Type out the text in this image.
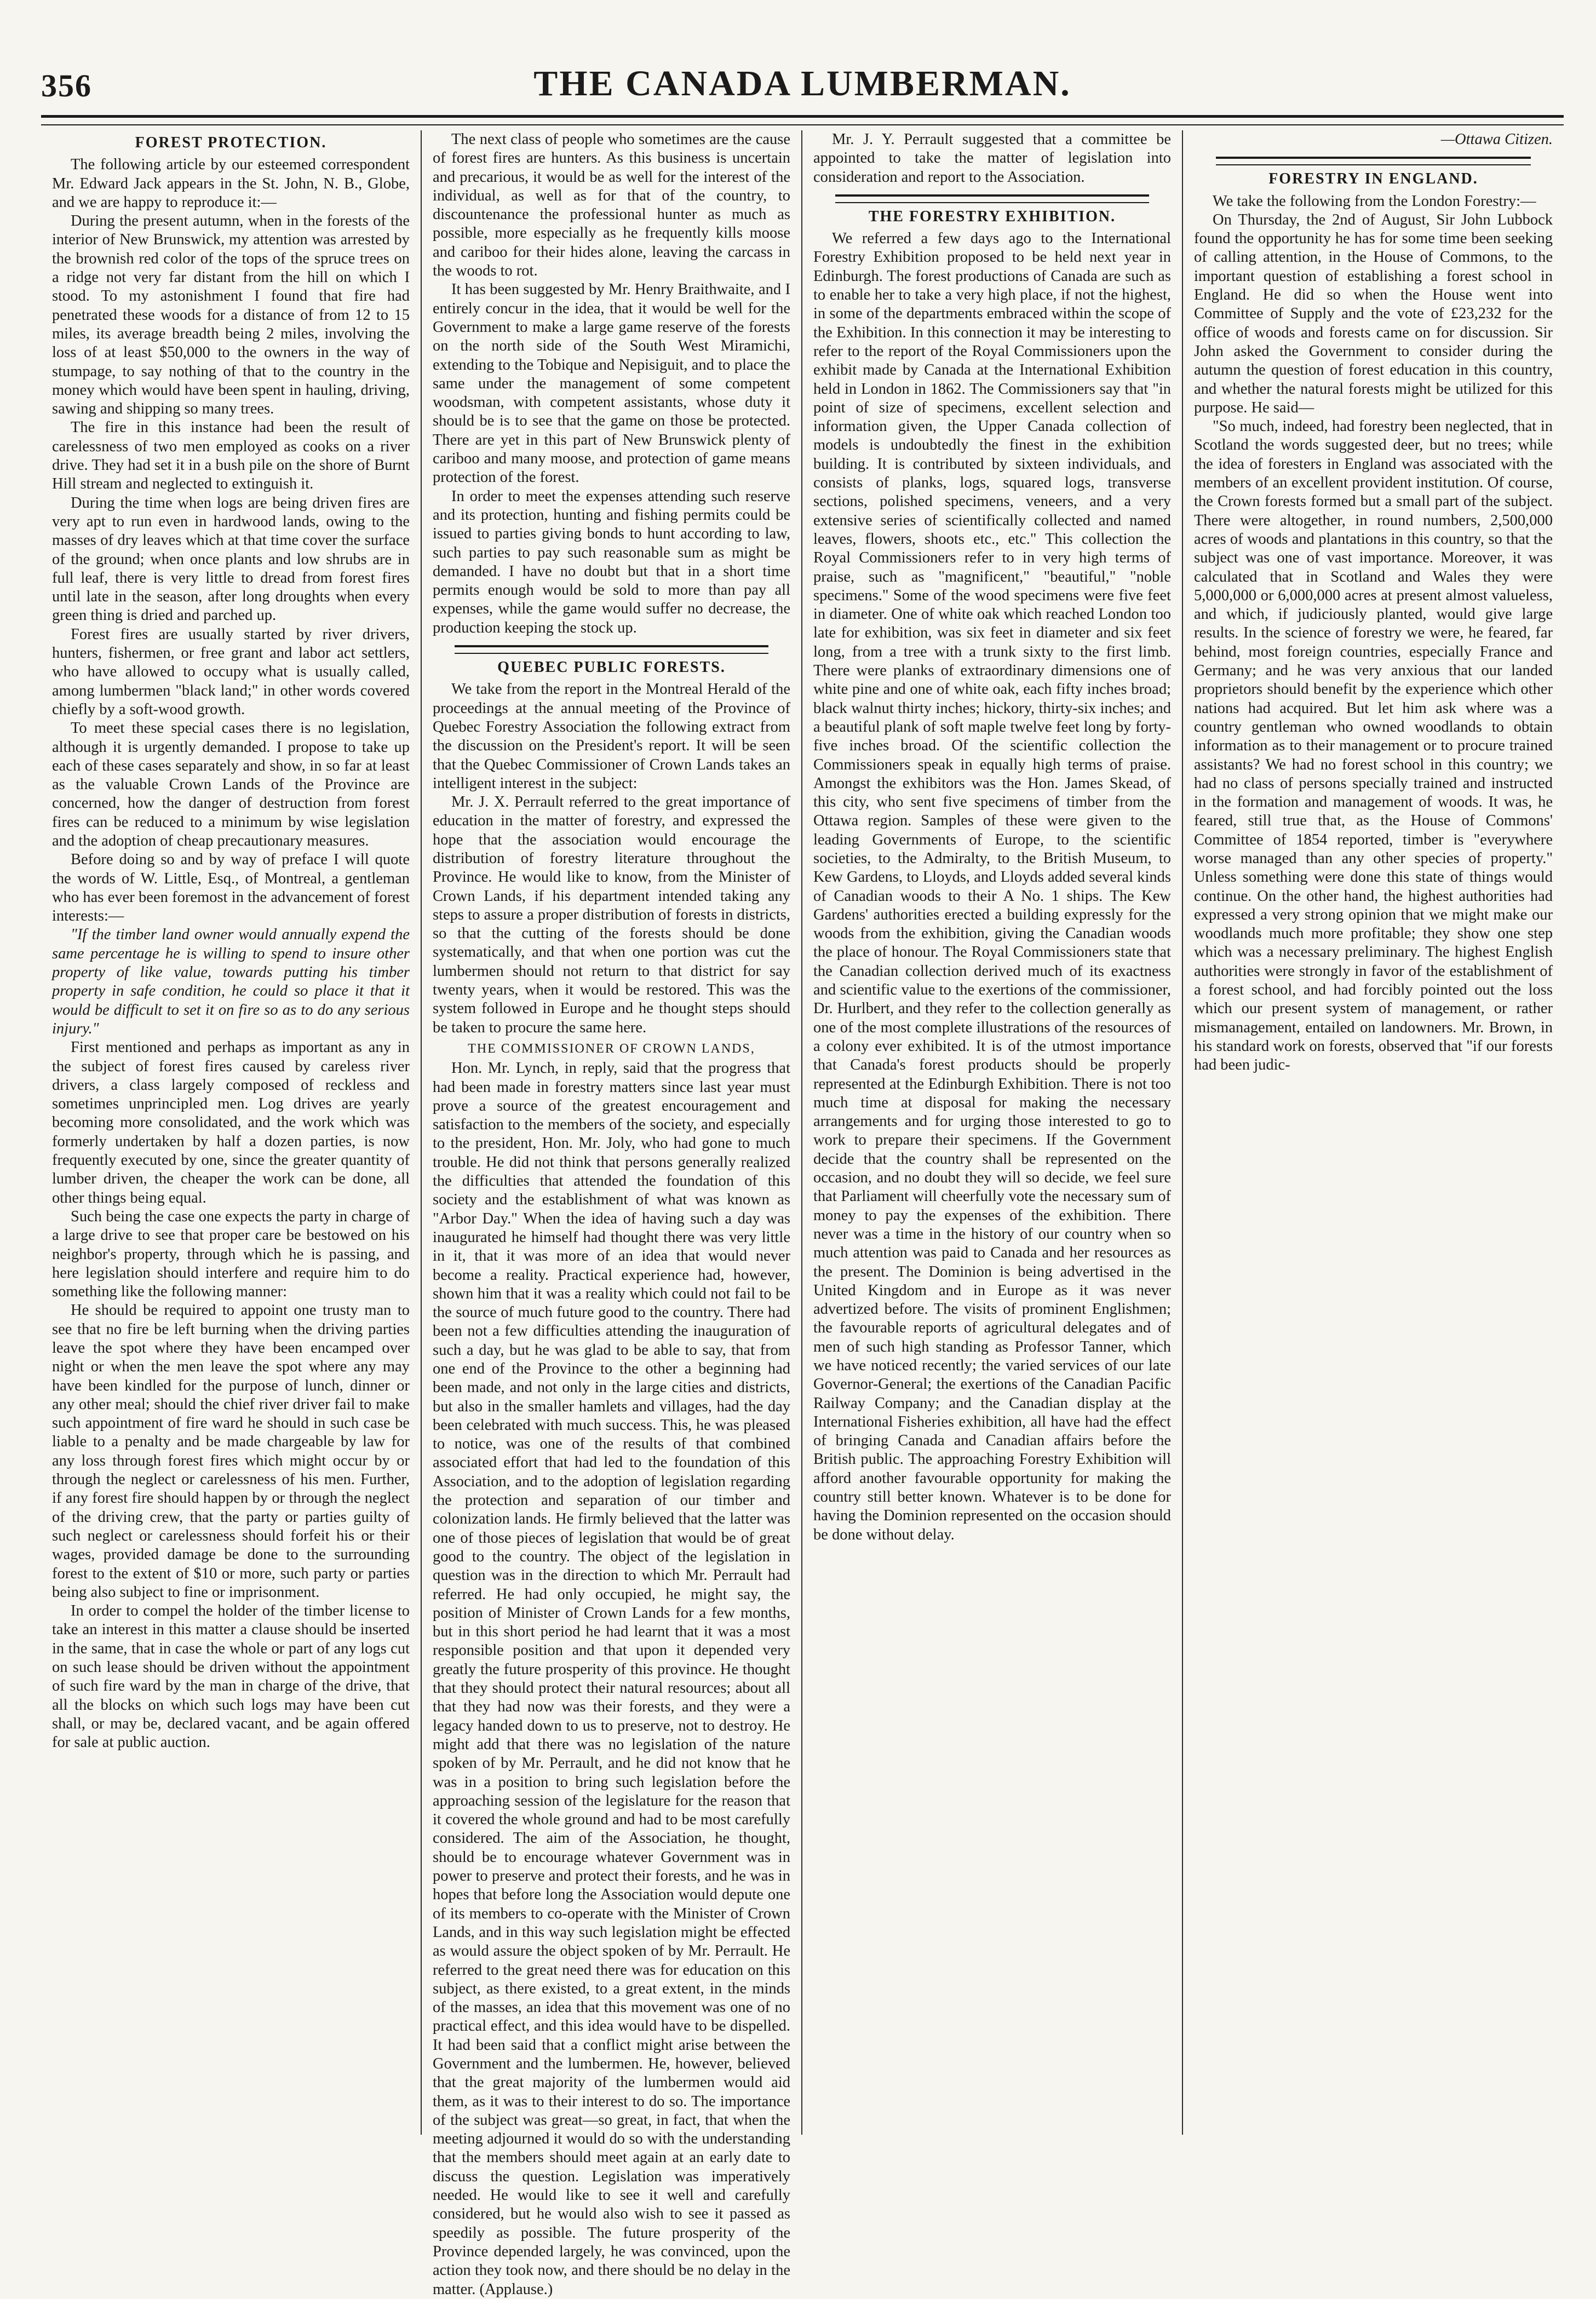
356	THE CANADA LUMBERMAN.
FOREST PROTECTION.

The following article by our esteemed correspondent Mr. Edward Jack appears in the St. John, N. B., Globe, and we are happy to reproduce it:—

During the present autumn, when in the forests of the interior of New Brunswick, my attention was arrested by the brownish red color of the tops of the spruce trees on a ridge not very far distant from the hill on which I stood. To my astonishment I found that fire had penetrated these woods for a distance of from 12 to 15 miles, its average breadth being 2 miles, involving the loss of at least $50,000 to the owners in the way of stumpage, to say nothing of that to the country in the money which would have been spent in hauling, driving, sawing and shipping so many trees.

The fire in this instance had been the result of carelessness of two men employed as cooks on a river drive. They had set it in a bush pile on the shore of Burnt Hill stream and neglected to extinguish it.

During the time when logs are being driven fires are very apt to run even in hardwood lands, owing to the masses of dry leaves which at that time cover the surface of the ground; when once plants and low shrubs are in full leaf, there is very little to dread from forest fires until late in the season, after long droughts when every green thing is dried and parched up.

Forest fires are usually started by river drivers, hunters, fishermen, or free grant and labor act settlers, who have allowed to occupy what is usually called, among lumbermen "black land;" in other words covered chiefly by a soft-wood growth.

To meet these special cases there is no legislation, although it is urgently demanded. I propose to take up each of these cases separately and show, in so far at least as the valuable Crown Lands of the Province are concerned, how the danger of destruction from forest fires can be reduced to a minimum by wise legislation and the adoption of cheap precautionary measures.

Before doing so and by way of preface I will quote the words of W. Little, Esq., of Montreal, a gentleman who has ever been foremost in the advancement of forest interests:—

"If the timber land owner would annually expend the same percentage he is willing to spend to insure other property of like value, towards putting his timber property in safe condition, he could so place it that it would be difficult to set it on fire so as to do any serious injury."

First mentioned and perhaps as important as any in the subject of forest fires caused by careless river drivers, a class largely composed of reckless and sometimes unprincipled men. Log drives are yearly becoming more consolidated, and the work which was formerly undertaken by half a dozen parties, is now frequently executed by one, since the greater quantity of lumber driven, the cheaper the work can be done, all other things being equal.

Such being the case one expects the party in charge of a large drive to see that proper care be bestowed on his neighbor's property, through which he is passing, and here legislation should interfere and require him to do something like the following manner:

He should be required to appoint one trusty man to see that no fire be left burning when the driving parties leave the spot where they have been encamped over night or when the men leave the spot where any may have been kindled for the purpose of lunch, dinner or any other meal; should the chief river driver fail to make such appointment of fire ward he should in such case be liable to a penalty and be made chargeable by law for any loss through forest fires which might occur by or through the neglect or carelessness of his men. Further, if any forest fire should happen by or through the neglect of the driving crew, that the party or parties guilty of such neglect or carelessness should forfeit his or their wages, provided damage be done to the surrounding forest to the extent of $10 or more, such party or parties being also subject to fine or imprisonment.

In order to compel the holder of the timber license to take an interest in this matter a clause should be inserted in the same, that in case the whole or part of any logs cut on such lease should be driven without the appointment of such fire ward by the man in charge of the drive, that all the blocks on which such logs may have been cut shall, or may be, declared vacant, and be again offered for sale at public auction.

The next class of people who sometimes are the cause of forest fires are hunters. As this business is uncertain and precarious, it would be as well for the interest of the individual, as well as for that of the country, to discountenance the professional hunter as much as possible, more especially as he frequently kills moose and cariboo for their hides alone, leaving the carcass in the woods to rot.

It has been suggested by Mr. Henry Braithwaite, and I entirely concur in the idea, that it would be well for the Government to make a large game reserve of the forests on the north side of the South West Miramichi, extending to the Tobique and Nepisiguit, and to place the same under the management of some competent woodsman, with competent assistants, whose duty it should be is to see that the game on those be protected. There are yet in this part of New Brunswick plenty of cariboo and many moose, and protection of game means protection of the forest.

In order to meet the expenses attending such reserve and its protection, hunting and fishing permits could be issued to parties giving bonds to hunt according to law, such parties to pay such reasonable sum as might be demanded. I have no doubt but that in a short time permits enough would be sold to more than pay all expenses, while the game would suffer no decrease, the production keeping the stock up.

QUEBEC PUBLIC FORESTS.

We take from the report in the Montreal Herald of the proceedings at the annual meeting of the Province of Quebec Forestry Association the following extract from the discussion on the President's report. It will be seen that the Quebec Commissioner of Crown Lands takes an intelligent interest in the subject:

Mr. J. X. Perrault referred to the great importance of education in the matter of forestry, and expressed the hope that the association would encourage the distribution of forestry literature throughout the Province. He would like to know, from the Minister of Crown Lands, if his department intended taking any steps to assure a proper distribution of forests in districts, so that the cutting of the forests should be done systematically, and that when one portion was cut the lumbermen should not return to that district for say twenty years, when it would be restored. This was the system followed in Europe and he thought steps should be taken to procure the same here.

THE COMMISSIONER OF CROWN LANDS,

Hon. Mr. Lynch, in reply, said that the progress that had been made in forestry matters since last year must prove a source of the greatest encouragement and satisfaction to the members of the society, and especially to the president, Hon. Mr. Joly, who had gone to much trouble. He did not think that persons generally realized the difficulties that attended the foundation of this society and the establishment of what was known as "Arbor Day." When the idea of having such a day was inaugurated he himself had thought there was very little in it, that it was more of an idea that would never become a reality. Practical experience had, however, shown him that it was a reality which could not fail to be the source of much future good to the country. There had been not a few difficulties attending the inauguration of such a day, but he was glad to be able to say, that from one end of the Province to the other a beginning had been made, and not only in the large cities and districts, but also in the smaller hamlets and villages, had the day been celebrated with much success. This, he was pleased to notice, was one of the results of that combined associated effort that had led to the foundation of this Association, and to the adoption of legislation regarding the protection and separation of our timber and colonization lands. He firmly believed that the latter was one of those pieces of legislation that would be of great good to the country. The object of the legislation in question was in the direction to which Mr. Perrault had referred. He had only occupied, he might say, the position of Minister of Crown Lands for a few months, but in this short period he had learnt that it was a most responsible position and that upon it depended very greatly the future prosperity of this province. He thought that they should protect their natural resources; about all that they had now was their forests, and they were a legacy handed down to us to preserve, not to destroy. He might add that there was no legislation of the nature spoken of by Mr. Perrault, and he did not know that he was in a position to bring such legislation before the approaching session of the legislature for the reason that it covered the whole ground and had to be most carefully considered. The aim of the Association, he thought, should be to encourage whatever Government was in power to preserve and protect their forests, and he was in hopes that before long the Association would depute one of its members to co-operate with the Minister of Crown Lands, and in this way such legislation might be effected as would assure the object spoken of by Mr. Perrault. He referred to the great need there was for education on this subject, as there existed, to a great extent, in the minds of the masses, an idea that this movement was one of no practical effect, and this idea would have to be dispelled. It had been said that a conflict might arise between the Government and the lumbermen. He, however, believed that the great majority of the lumbermen would aid them, as it was to their interest to do so. The importance of the subject was great—so great, in fact, that when the meeting adjourned it would do so with the understanding that the members should meet again at an early date to discuss the question. Legislation was imperatively needed. He would like to see it well and carefully considered, but he would also wish to see it passed as speedily as possible. The future prosperity of the Province depended largely, he was convinced, upon the action they took now, and there should be no delay in the matter. (Applause.)

Mr. J. Y. Perrault suggested that a committee be appointed to take the matter of legislation into consideration and report to the Association.

THE FORESTRY EXHIBITION.

We referred a few days ago to the International Forestry Exhibition proposed to be held next year in Edinburgh. The forest productions of Canada are such as to enable her to take a very high place, if not the highest, in some of the departments embraced within the scope of the Exhibition. In this connection it may be interesting to refer to the report of the Royal Commissioners upon the exhibit made by Canada at the International Exhibition held in London in 1862. The Commissioners say that "in point of size of specimens, excellent selection and information given, the Upper Canada collection of models is undoubtedly the finest in the exhibition building. It is contributed by sixteen individuals, and consists of planks, logs, squared logs, transverse sections, polished specimens, veneers, and a very extensive series of scientifically collected and named leaves, flowers, shoots etc., etc." This collection the Royal Commissioners refer to in very high terms of praise, such as "magnificent," "beautiful," "noble specimens." Some of the wood specimens were five feet in diameter. One of white oak which reached London too late for exhibition, was six feet in diameter and six feet long, from a tree with a trunk sixty to the first limb. There were planks of extraordinary dimensions one of white pine and one of white oak, each fifty inches broad; black walnut thirty inches; hickory, thirty-six inches; and a beautiful plank of soft maple twelve feet long by forty-five inches broad. Of the scientific collection the Commissioners speak in equally high terms of praise. Amongst the exhibitors was the Hon. James Skead, of this city, who sent five specimens of timber from the Ottawa region. Samples of these were given to the leading Governments of Europe, to the scientific societies, to the Admiralty, to the British Museum, to Kew Gardens, to Lloyds, and Lloyds added several kinds of Canadian woods to their A No. 1 ships. The Kew Gardens' authorities erected a building expressly for the woods from the exhibition, giving the Canadian woods the place of honour. The Royal Commissioners state that the Canadian collection derived much of its exactness and scientific value to the exertions of the commissioner, Dr. Hurlbert, and they refer to the collection generally as one of the most complete illustrations of the resources of a colony ever exhibited. It is of the utmost importance that Canada's forest products should be properly represented at the Edinburgh Exhibition. There is not too much time at disposal for making the necessary arrangements and for urging those interested to go to work to prepare their specimens. If the Government decide that the country shall be represented on the occasion, and no doubt they will so decide, we feel sure that Parliament will cheerfully vote the necessary sum of money to pay the expenses of the exhibition. There never was a time in the history of our country when so much attention was paid to Canada and her resources as the present. The Dominion is being advertised in the United Kingdom and in Europe as it was never advertized before. The visits of prominent Englishmen; the favourable reports of agricultural delegates and of men of such high standing as Professor Tanner, which we have noticed recently; the varied services of our late Governor-General; the exertions of the Canadian Pacific Railway Company; and the Canadian display at the International Fisheries exhibition, all have had the effect of bringing Canada and Canadian affairs before the British public. The approaching Forestry Exhibition will afford another favourable opportunity for making the country still better known. Whatever is to be done for having the Dominion represented on the occasion should be done without delay.

—Ottawa Citizen.

FORESTRY IN ENGLAND.

We take the following from the London Forestry:—

On Thursday, the 2nd of August, Sir John Lubbock found the opportunity he has for some time been seeking of calling attention, in the House of Commons, to the important question of establishing a forest school in England. He did so when the House went into Committee of Supply and the vote of £23,232 for the office of woods and forests came on for discussion. Sir John asked the Government to consider during the autumn the question of forest education in this country, and whether the natural forests might be utilized for this purpose. He said—

"So much, indeed, had forestry been neglected, that in Scotland the words suggested deer, but no trees; while the idea of foresters in England was associated with the members of an excellent provident institution. Of course, the Crown forests formed but a small part of the subject. There were altogether, in round numbers, 2,500,000 acres of woods and plantations in this country, so that the subject was one of vast importance. Moreover, it was calculated that in Scotland and Wales they were 5,000,000 or 6,000,000 acres at present almost valueless, and which, if judiciously planted, would give large results. In the science of forestry we were, he feared, far behind, most foreign countries, especially France and Germany; and he was very anxious that our landed proprietors should benefit by the experience which other nations had acquired. But let him ask where was a country gentleman who owned woodlands to obtain information as to their management or to procure trained assistants? We had no forest school in this country; we had no class of persons specially trained and instructed in the formation and management of woods. It was, he feared, still true that, as the House of Commons' Committee of 1854 reported, timber is "everywhere worse managed than any other species of property." Unless something were done this state of things would continue. On the other hand, the highest authorities had expressed a very strong opinion that we might make our woodlands much more profitable; they show one step which was a necessary preliminary. The highest English authorities were strongly in favor of the establishment of a forest school, and had forcibly pointed out the loss which our present system of management, or rather mismanagement, entailed on landowners. Mr. Brown, in his standard work on forests, observed that "if our forests had been judic-
